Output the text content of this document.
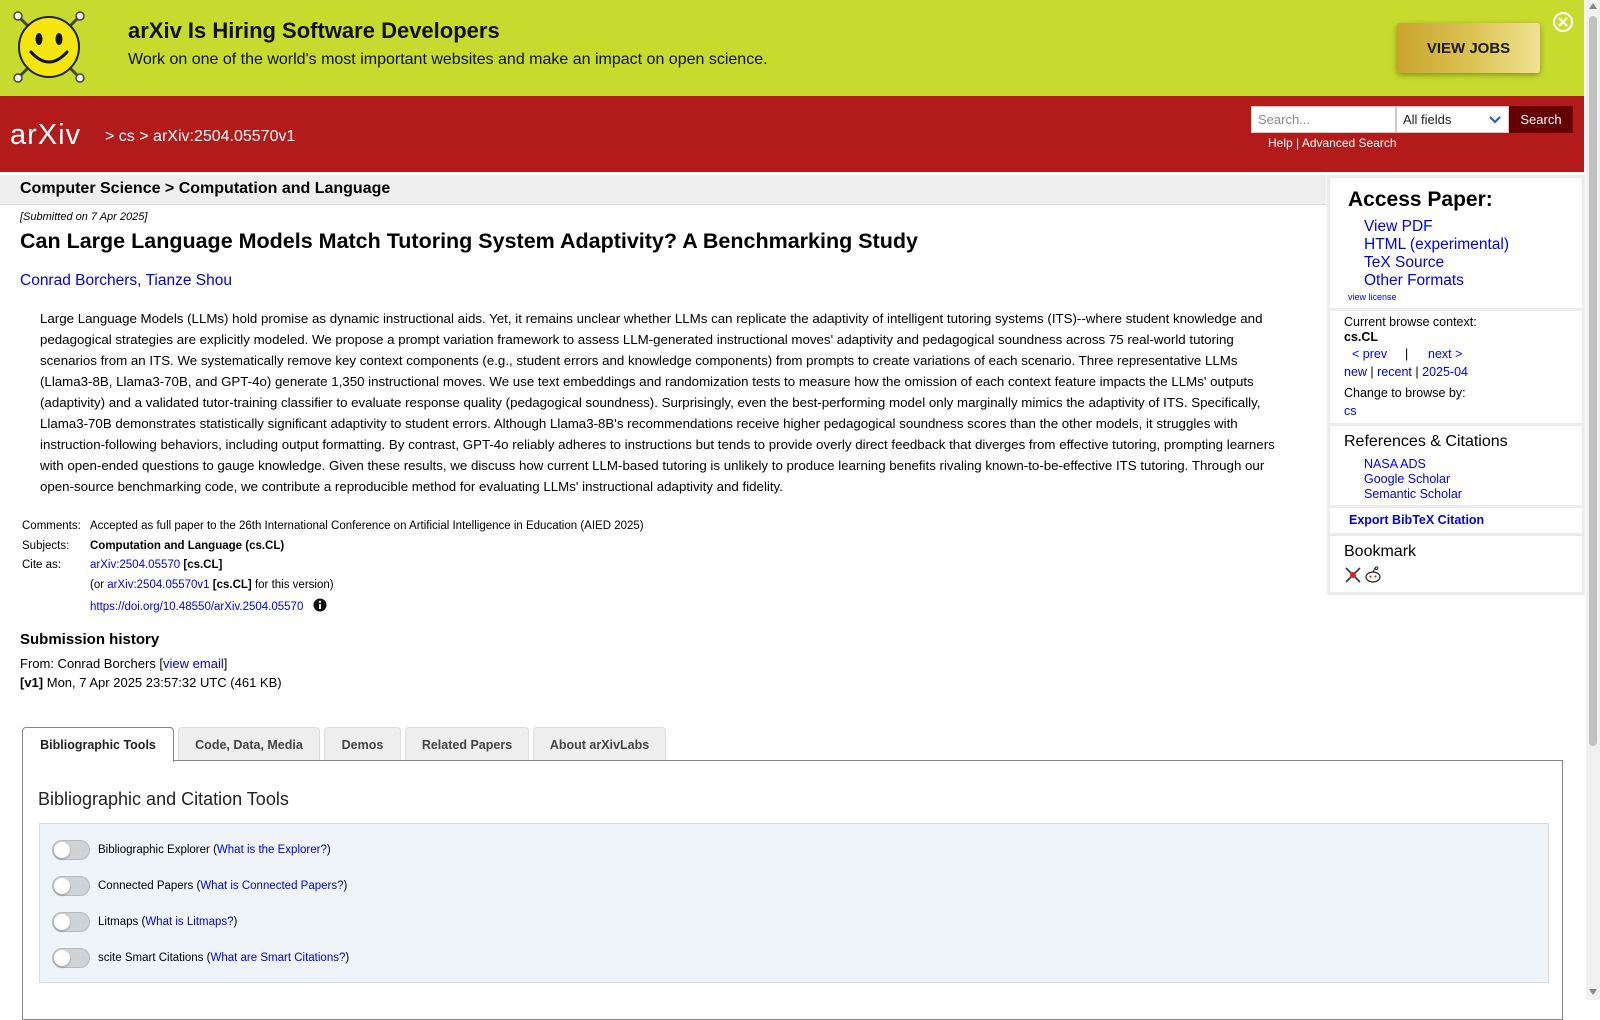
arXiv Is Hiring Software Developers
Work on one of the world's most important websites and make an impact on open science.
VIEW JOBS
arXiv > cs > arXiv:2504.05570v1
Search...
All fields	Search
Help | Advanced Search
Computer Science > Computation and Language
[Submitted on 7 Apr 2025]
Can Large Language Models Match Tutoring System Adaptivity? A Benchmarking Study
Conrad Borchers, Tianze Shou

Large Language Models (LLMs) hold promise as dynamic instructional aids. Yet, it remains unclear whether LLMs can replicate the adaptivity of intelligent tutoring systems (ITS)--where student knowledge and pedagogical strategies are explicitly modeled. We propose a prompt variation framework to assess LLM-generated instructional moves' adaptivity and pedagogical soundness across 75 real-world tutoring scenarios from an ITS. We systematically remove key context components (e.g., student errors and knowledge components) from prompts to create variations of each scenario. Three representative LLMs (Llama3-8B, Llama3-70B, and GPT-4o) generate 1,350 instructional moves. We use text embeddings and randomization tests to measure how the omission of each context feature impacts the LLMs' outputs (adaptivity) and a validated tutor-training classifier to evaluate response quality (pedagogical soundness). Surprisingly, even the best-performing model only marginally mimics the adaptivity of ITS. Specifically, Llama3-70B demonstrates statistically significant adaptivity to student errors. Although Llama3-8B's recommendations receive higher pedagogical soundness scores than the other models, it struggles with instruction-following behaviors, including output formatting. By contrast, GPT-4o reliably adheres to instructions but tends to provide overly direct feedback that diverges from effective tutoring, prompting learners with open-ended questions to gauge knowledge. Given these results, we discuss how current LLM-based tutoring is unlikely to produce learning benefits rivaling known-to-be-effective ITS tutoring. Through our open-source benchmarking code, we contribute a reproducible method for evaluating LLMs' instructional adaptivity and fidelity.

Comments: Accepted as full paper to the 26th International Conference on Artificial Intelligence in Education (AIED 2025)
Subjects: Computation and Language (cs.CL)
Cite as:	arXiv:2504.05570 [cs.CL]
(or arXiv:2504.05570v1 [cs.CL] for this version)
https://doi.org/10.48550/arXiv.2504.05570
Submission history
From: Conrad Borchers [view email]
[v1] Mon, 7 Apr 2025 23:57:32 UTC (461 KB)
Bibliographic Tools	Code, Data, Media	Demos	Related Papers	About arXivLabs
Bibliographic and Citation Tools
Bibliographic Explorer
( What is the Explorer? )
Connected Papers
( What is Connected Papers? )
Litmaps
( What is Litmaps? )
scite Smart Citations
( What are Smart Citations? )
Access Paper:
View PDF
HTML (experimental)
TeX Source
Other Formats
view license
Current browse context:
cs.CL
< prev | next >
new | recent | 2025-04
Change to browse by:
cs
References & Citations
NASA ADS
Google Scholar
Semantic Scholar
Export BibTeX Citation
Bookmark
